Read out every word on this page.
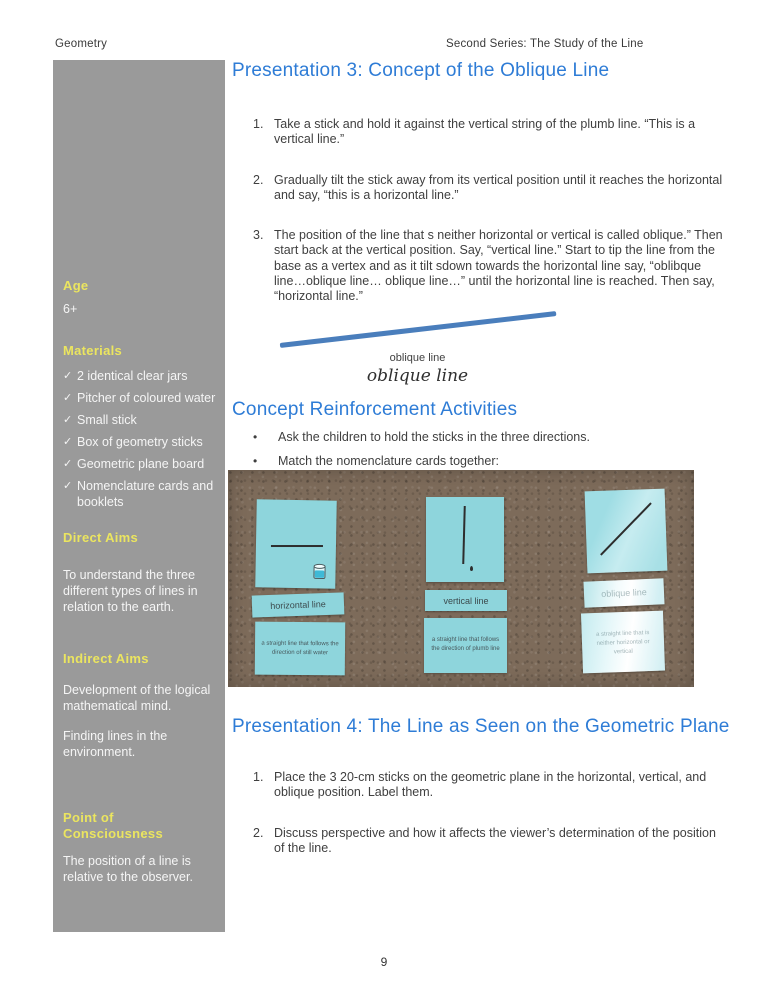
Geometry	Second Series: The Study of the Line
Age
6+
Materials
✓ 2 identical clear jars
✓ Pitcher of coloured water
✓ Small stick
✓ Box of geometry sticks
✓ Geometric plane board
✓ Nomenclature cards and booklets
Direct Aims
To understand the three different types of lines in relation to the earth.
Indirect Aims
Development of the logical mathematical mind.
Finding lines in the environment.
Point of Consciousness
The position of a line is relative to the observer.
Presentation 3: Concept of the Oblique Line
1. Take a stick and hold it against the vertical string of the plumb line. “This is a vertical line.”
2. Gradually tilt the stick away from its vertical position until it reaches the horizontal and say, “this is a horizontal line.”
3. The position of the line that s neither horizontal or vertical is called oblique.” Then start back at the vertical position. Say, “vertical line.” Start to tip the line from the base as a vertex and as it tilt sdown towards the horizontal line say, “oblibque line…oblique line… oblique line…” until the horizontal line is reached. Then say, “horizontal line.”
oblique line
oblique line
Concept Reinforcement Activities
•	Ask the children to hold the sticks in the three directions.
•	Match the nomenclature cards together:
horizontal line
a straight line that follows the direction of still water
vertical line
a straight line that follows the direction of plumb line
oblique line
a straight line that is neither horizontal or vertical
Presentation 4: The Line as Seen on the Geometric Plane
1. Place the 3 20-cm sticks on the geometric plane in the horizontal, vertical, and oblique position. Label them.
2. Discuss perspective and how it affects the viewer’s determination of the position of the line.
9
